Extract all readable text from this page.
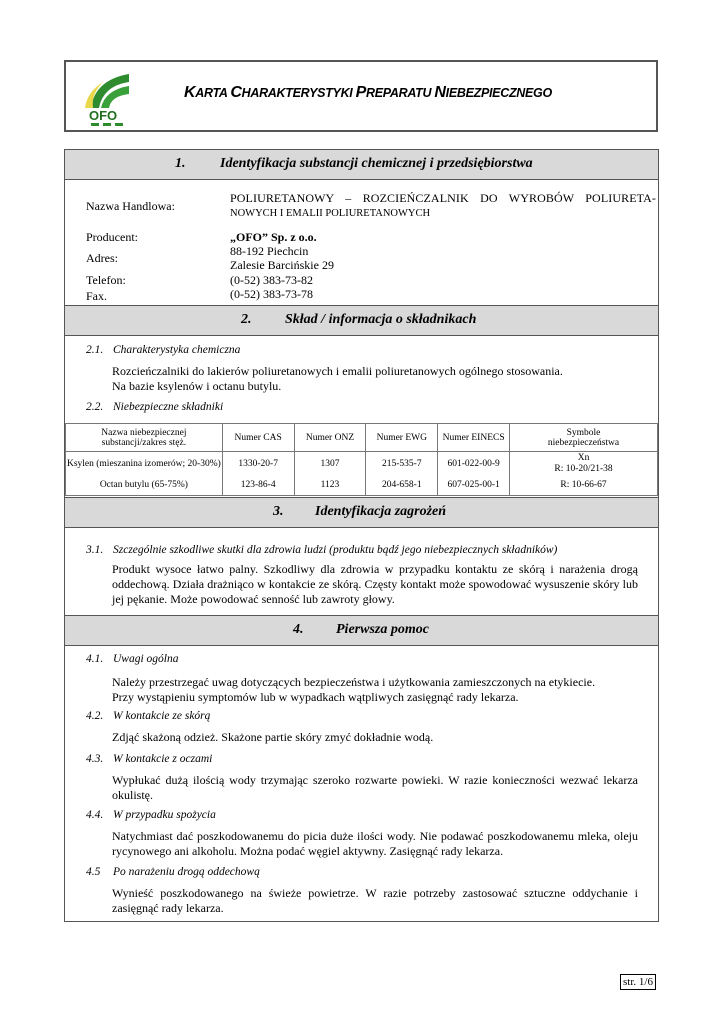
OFO
KARTA CHARAKTERYSTYKI PREPARATU NIEBEZPIECZNEGO
1. Identyfikacja substancji chemicznej i przedsiębiorstwa
Nazwa Handlowa:
POLIURETANOWY – ROZCIEŃCZALNIK DO WYROBÓW POLIURETA-
NOWYCH I EMALII POLIURETANOWYCH
Producent:	„OFO” Sp. z o.o.
Adres:	88-192 Piechcin
Zalesie Barcińskie 29
Telefon:	(0-52) 383-73-82
Fax.	(0-52) 383-73-78
2. Skład / informacja o składnikach
2.1. Charakterystyka chemiczna

Rozcieńczalniki do lakierów poliuretanowych i emalii poliuretanowych ogólnego stosowania.

Na bazie ksylenów i octanu butylu.

2.2. Niebezpieczne składniki
Nazwa niebezpiecznej substancji/zakres stęż.	Numer CAS	Numer ONZ	Numer EWG	Numer EINECS	Symbole niebezpieczeństwa
Ksylen (mieszanina izomerów; 20-30%)	1330-20-7	1307	215-535-7	601-022-00-9	Xn
R: 10-20/21-38

Octan butylu (65-75%)	123-86-4	1123	204-658-1	607-025-00-1	R: 10-66-67
3. Identyfikacja zagrożeń
3.1. Szczególnie szkodliwe skutki dla zdrowia ludzi (produktu bądź jego niebezpiecznych składników)
Produkt wysoce łatwo palny. Szkodliwy dla zdrowia w przypadku kontaktu ze skórą i narażenia drogą oddechową. Działa drażniąco w kontakcie ze skórą. Częsty kontakt może spowodować wysuszenie skóry lub jej pękanie. Może powodować senność lub zawroty głowy.
4. Pierwsza pomoc
4.1. Uwagi ogólna

Należy przestrzegać uwag dotyczących bezpieczeństwa i użytkowania zamieszczonych na etykiecie.

Przy wystąpieniu symptomów lub w wypadkach wątpliwych zasięgnąć rady lekarza.

4.2. W kontakcie ze skórą
Zdjąć skażoną odzież. Skażone partie skóry zmyć dokładnie wodą.
4.3. W kontakcie z oczami
Wypłukać dużą ilością wody trzymając szeroko rozwarte powieki. W razie konieczności wezwać lekarza okulistę.
4.4. W przypadku spożycia
Natychmiast dać poszkodowanemu do picia duże ilości wody. Nie podawać poszkodowanemu mleka, oleju rycynowego ani alkoholu. Można podać węgiel aktywny. Zasięgnąć rady lekarza.
4.5 Po narażeniu drogą oddechową
Wynieść poszkodowanego na świeże powietrze. W razie potrzeby zastosować sztuczne oddychanie i zasięgnąć rady lekarza.
str. 1/6
